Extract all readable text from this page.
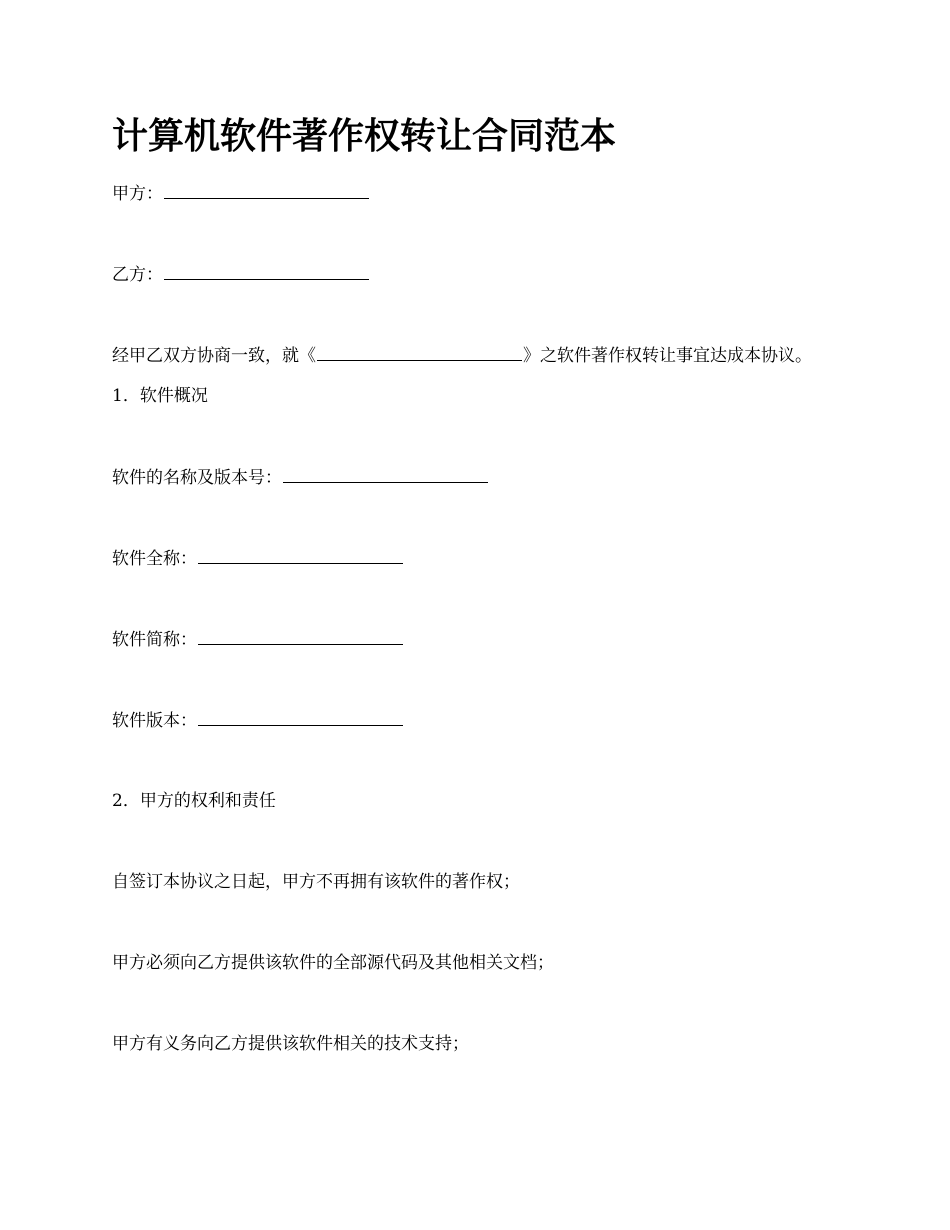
计算机软件著作权转让合同范本
甲方：
乙方：
经甲乙双方协商一致，就《	》之软件著作权转让事宜达成本协议。
1．软件概况
软件的名称及版本号：
软件全称：
软件简称：
软件版本：
2．甲方的权利和责任
自签订本协议之日起，甲方不再拥有该软件的著作权；
甲方必须向乙方提供该软件的全部源代码及其他相关文档；
甲方有义务向乙方提供该软件相关的技术支持；
